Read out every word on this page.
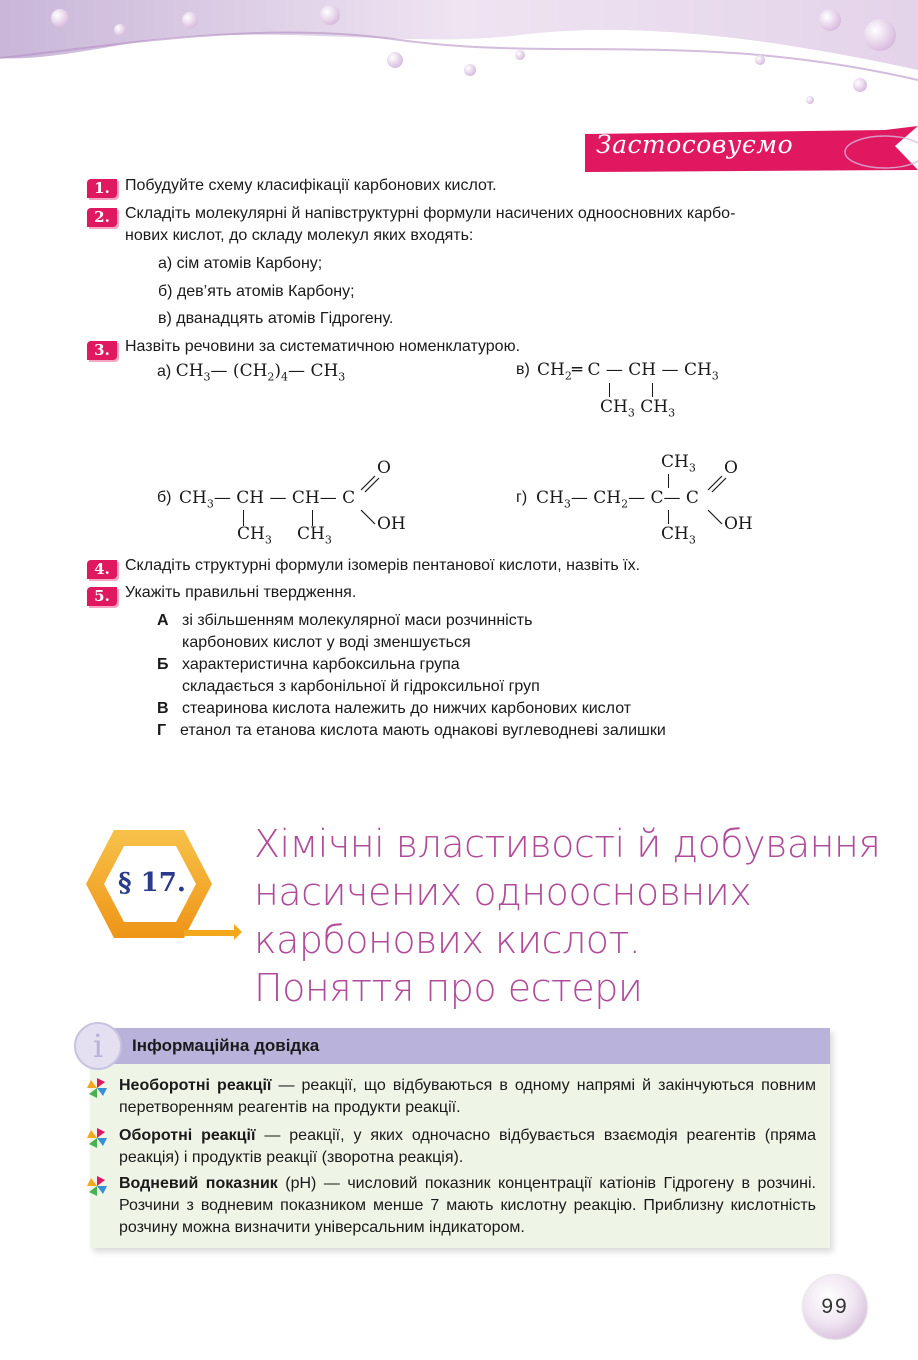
Застосовуємо
1. Побудуйте схему класифікації карбонових кислот.
2. Складіть молекулярні й напівструктурні формули насичених одноосновних карбо-
нових кислот, до складу молекул яких входять:
а) сім атомів Карбону;
б) дев’ять атомів Карбону;
в) дванадцять атомів Гідрогену.
3. Назвіть речовини за систематичною номенклатурою.
а) $CH_3—$ $(CH_2)_4—$ $CH_3$	в) $CH_2═$ C — CH — $CH_3$
$CH_3$ $CH_3$
б) $CH_3—$ CH — CH— C
$CH_3$ $CH_3$
O
OH
г)
$CH_3$
$CH_3—$ $CH_2—$ C— C
$CH_3$
O
OH
4. Складіть структурні формули ізомерів пентанової кислоти, назвіть їх.
5. Укажіть правильні твердження.
А зі збільшенням молекулярної маси розчинність
карбонових кислот у воді зменшується
Б характеристична карбоксильна група
складається з карбонільної й гідроксильної груп
В стеаринова кислота належить до нижчих карбонових кислот
Г етанол та етанова кислота мають однакові вуглеводневі залишки
§ 17.
Хімічні властивості й добування
насичених одноосновних
карбонових кислот.
Поняття про естери
i	Інформаційна довідка
Необоротні реакції — реакції, що відбуваються в одному напрямі й закінчуються повним перетворенням реагентів на продукти реакції.
Оборотні реакції — реакції, у яких одночасно відбувається взаємодія реагентів (пряма реакція) і продуктів реакції (зворотна реакція).
Водневий показник (pH) — числовий показник концентрації катіонів Гідрогену в розчині. Розчини з водневим показником менше 7 мають кислотну реакцію. Приблизну кислотність розчину можна визначити універсальним індикатором.
99
